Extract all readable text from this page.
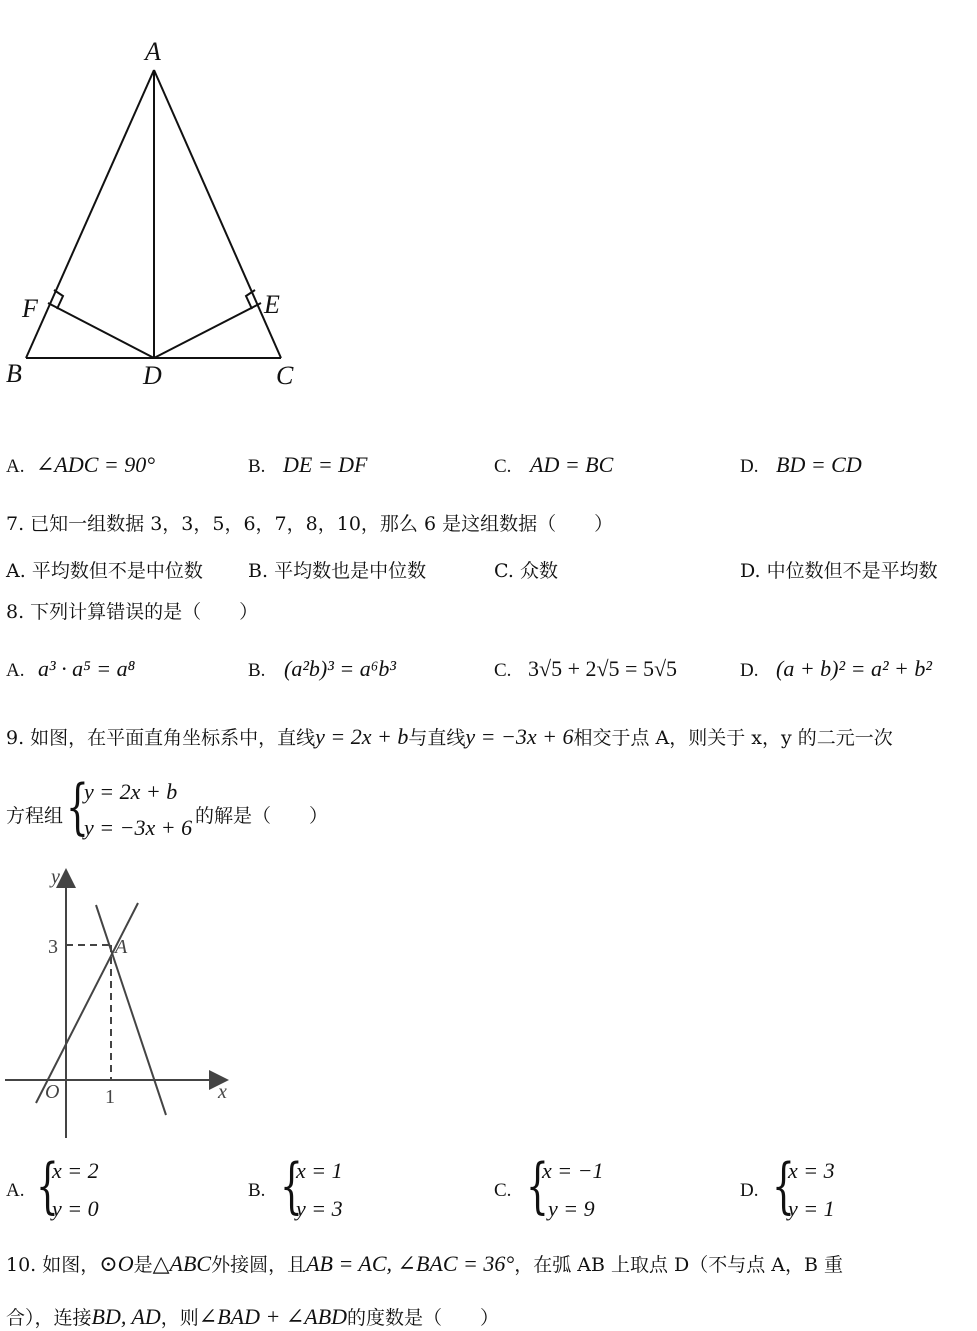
A
F	E
B	D	C
A. ∠ADC = 90°	B. DE = DF	C. AD = BC	D. BD = CD
7. 已知一组数据 3，3，5，6，7，8，10，那么 6 是这组数据（　　）
A. 平均数但不是中位数 B. 平均数也是中位数	C. 众数	D. 中位数但不是平均数
8. 下列计算错误的是（　　）
A. a³ · a⁵ = a⁸	B. (a²b)³ = a⁶b³	C. 3√5 + 2√5 = 5√5	D. (a + b)² = a² + b²
9. 如图，在平面直角坐标系中，直线y = 2x + b与直线y = −3x + 6相交于点 A，则关于 x，y 的二元一次
方程组 {
y = 2x + b
y = −3x + 6 的解是（　　）
y
x
O
3
1
A
A. {
x = 2
y = 0
B. {
x = 1
y = 3
C. {
x = −1
y = 9
D. {
x = 3
y = 1
10. 如图，⊙O是△ABC外接圆，且AB = AC, ∠BAC = 36°，在弧 AB 上取点 D（不与点 A，B 重
合），连接BD, AD，则∠BAD + ∠ABD的度数是（　　）
